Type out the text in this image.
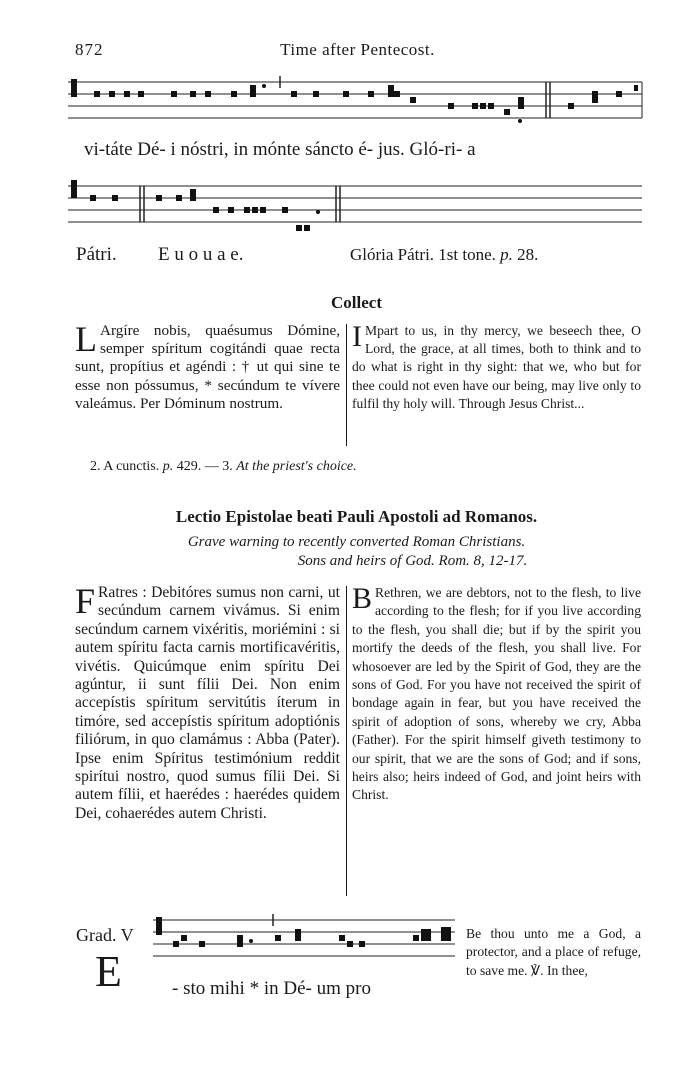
872	Time after Pentecost.
vi-táte Dé- i nóstri, in mónte sáncto é- jus. Gló-ri- a
Pátri. E u o u a e.	Glória Pátri. 1st tone. p. 28.
Collect
L Argíre nobis, quaésumus Dómine, semper spíritum cogitándi quae recta sunt, propítius et agéndi : † ut qui sine te esse non póssumus, * secúndum te vívere valeámus. Per Dóminum nostrum.
I Mpart to us, in thy mercy, we beseech thee, O Lord, the grace, at all times, both to think and to do what is right in thy sight: that we, who but for thee could not even have our being, may live only to fulfil thy holy will. Through Jesus Christ...
2. A cunctis. p. 429. — 3. At the priest's choice.
Lectio Epistolae beati Pauli Apostoli ad Romanos.
Grave warning to recently converted Roman Christians.
Sons and heirs of God. Rom. 8, 12-17.
F Ratres : Debitóres sumus non carni, ut secúndum carnem vivámus. Si enim secúndum carnem vixéritis, moriémini : si autem spíritu facta carnis mortificavéritis, vivétis. Quicúmque enim spíritu Dei agúntur, ii sunt fílii Dei. Non enim accepístis spíritum servitútis íterum in timóre, sed accepístis spíritum adoptiónis filiórum, in quo clamámus : Abba (Pater). Ipse enim Spíritus testimónium reddit spirítui nostro, quod sumus fílii Dei. Si autem fílii, et haerédes : haerédes quidem Dei, cohaerédes autem Christi.
B Rethren, we are debtors, not to the flesh, to live according to the flesh; for if you live according to the flesh, you shall die; but if by the spirit you mortify the deeds of the flesh, you shall live. For whosoever are led by the Spirit of God, they are the sons of God. For you have not received the spirit of bondage again in fear, but you have received the spirit of adoption of sons, whereby we cry, Abba (Father). For the spirit himself giveth testimony to our spirit, that we are the sons of God; and if sons, heirs also; heirs indeed of God, and joint heirs with Christ.
Grad. V
E	- sto mihi * in Dé- um pro
Be thou unto me a God, a protector, and a place of refuge, to save me. ℣. In thee,
